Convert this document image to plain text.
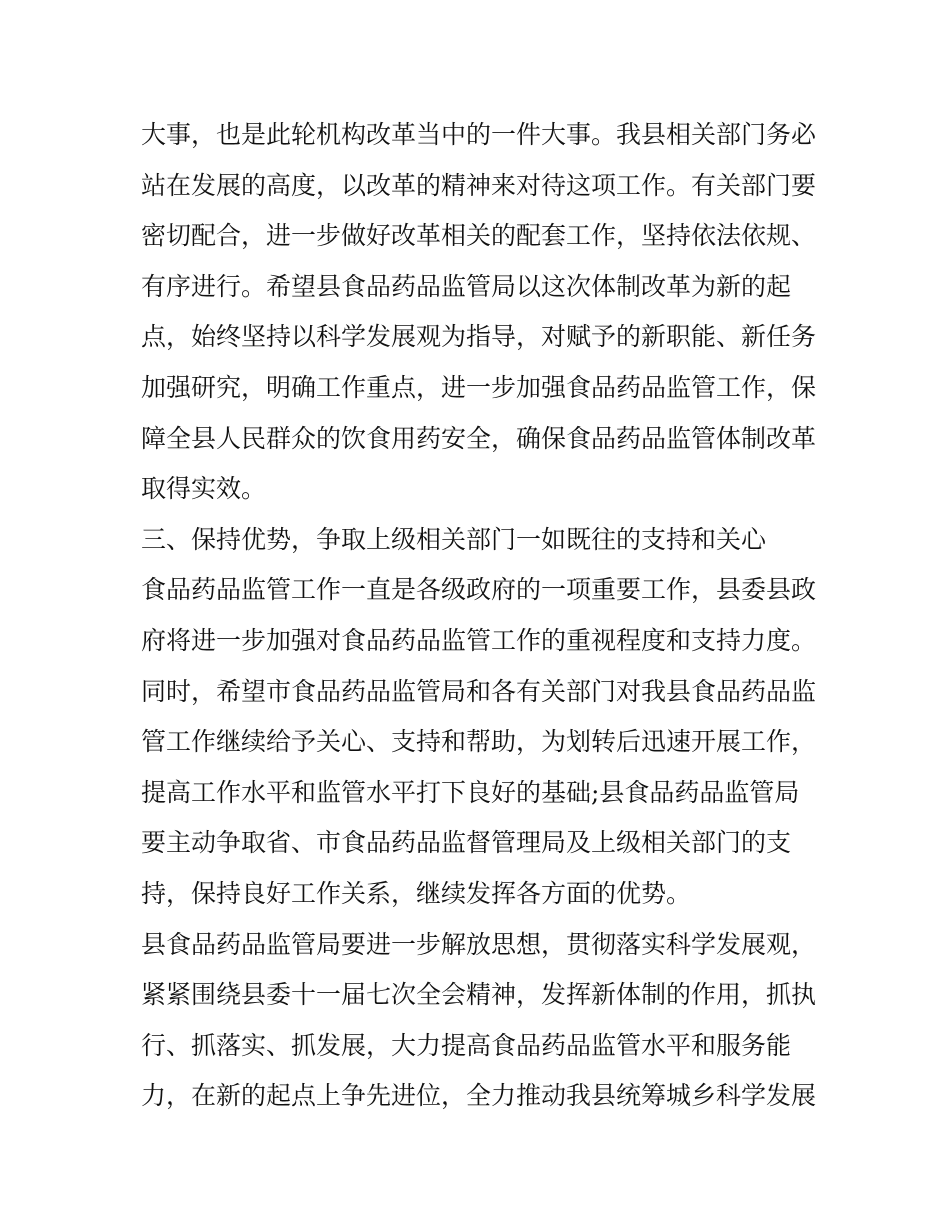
大事，也是此轮机构改革当中的一件大事。我县相关部门务必
站在发展的高度，以改革的精神来对待这项工作。有关部门要
密切配合，进一步做好改革相关的配套工作，坚持依法依规、
有序进行。希望县食品药品监管局以这次体制改革为新的起
点，始终坚持以科学发展观为指导，对赋予的新职能、新任务
加强研究，明确工作重点，进一步加强食品药品监管工作，保
障全县人民群众的饮食用药安全，确保食品药品监管体制改革
取得实效。
三、保持优势，争取上级相关部门一如既往的支持和关心
食品药品监管工作一直是各级政府的一项重要工作，县委县政
府将进一步加强对食品药品监管工作的重视程度和支持力度。
同时，希望市食品药品监管局和各有关部门对我县食品药品监
管工作继续给予关心、支持和帮助，为划转后迅速开展工作，
提高工作水平和监管水平打下良好的基础;县食品药品监管局
要主动争取省、市食品药品监督管理局及上级相关部门的支
持，保持良好工作关系，继续发挥各方面的优势。
县食品药品监管局要进一步解放思想，贯彻落实科学发展观，
紧紧围绕县委十一届七次全会精神，发挥新体制的作用，抓执
行、抓落实、抓发展，大力提高食品药品监管水平和服务能
力，在新的起点上争先进位，全力推动我县统筹城乡科学发展
